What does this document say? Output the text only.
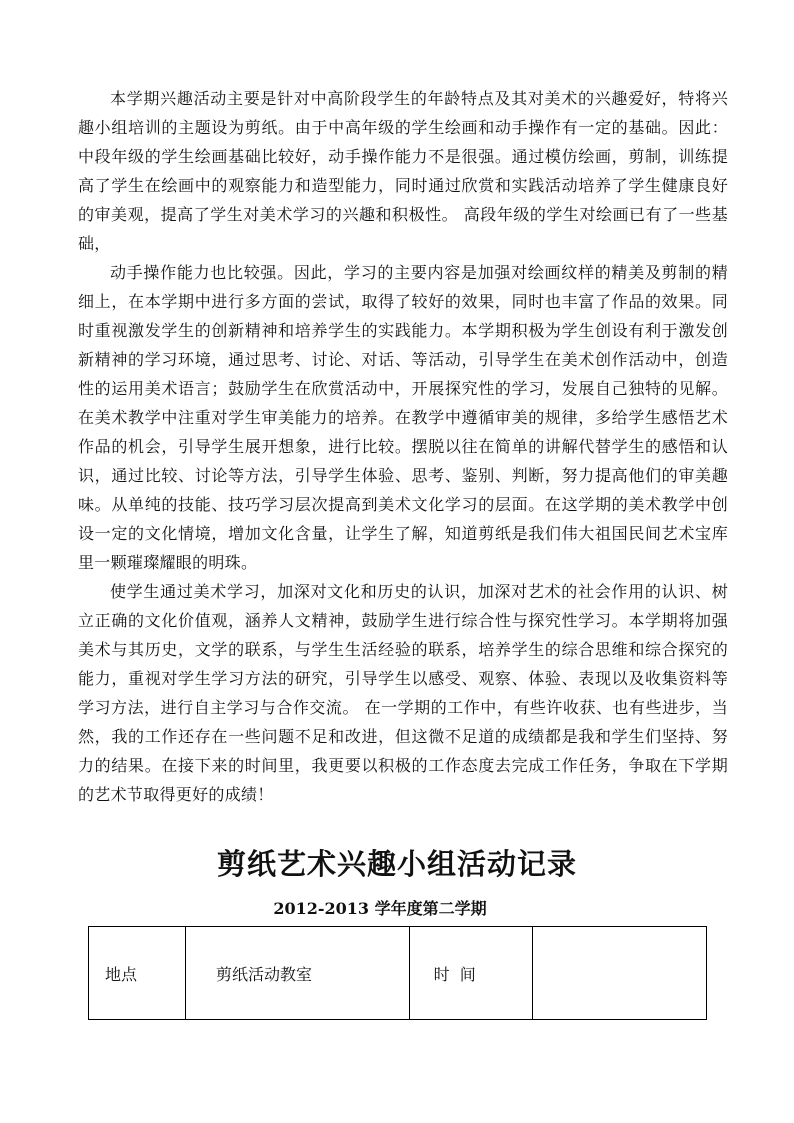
本学期兴趣活动主要是针对中高阶段学生的年龄特点及其对美术的兴趣爱好，特将兴趣小组培训的主题设为剪纸。由于中高年级的学生绘画和动手操作有一定的基础。因此：中段年级的学生绘画基础比较好，动手操作能力不是很强。通过模仿绘画，剪制，训练提高了学生在绘画中的观察能力和造型能力，同时通过欣赏和实践活动培养了学生健康良好的审美观，提高了学生对美术学习的兴趣和积极性。 高段年级的学生对绘画已有了一些基础，

动手操作能力也比较强。因此，学习的主要内容是加强对绘画纹样的精美及剪制的精细上，在本学期中进行多方面的尝试，取得了较好的效果，同时也丰富了作品的效果。同时重视激发学生的创新精神和培养学生的实践能力。本学期积极为学生创设有利于激发创新精神的学习环境，通过思考、讨论、对话、等活动，引导学生在美术创作活动中，创造性的运用美术语言；鼓励学生在欣赏活动中，开展探究性的学习，发展自己独特的见解。在美术教学中注重对学生审美能力的培养。在教学中遵循审美的规律，多给学生感悟艺术作品的机会，引导学生展开想象，进行比较。摆脱以往在简单的讲解代替学生的感悟和认识，通过比较、讨论等方法，引导学生体验、思考、鉴别、判断，努力提高他们的审美趣味。从单纯的技能、技巧学习层次提高到美术文化学习的层面。在这学期的美术教学中创设一定的文化情境，增加文化含量，让学生了解，知道剪纸是我们伟大祖国民间艺术宝库里一颗璀璨耀眼的明珠。

使学生通过美术学习，加深对文化和历史的认识，加深对艺术的社会作用的认识、树立正确的文化价值观，涵养人文精神，鼓励学生进行综合性与探究性学习。本学期将加强美术与其历史，文学的联系，与学生生活经验的联系，培养学生的综合思维和综合探究的能力，重视对学生学习方法的研究，引导学生以感受、观察、体验、表现以及收集资料等学习方法，进行自主学习与合作交流。 在一学期的工作中，有些许收获、也有些进步，当然，我的工作还存在一些问题不足和改进，但这微不足道的成绩都是我和学生们坚持、努力的结果。在接下来的时间里，我更要以积极的工作态度去完成工作任务，争取在下学期的艺术节取得更好的成绩！

剪纸艺术兴趣小组活动记录
2012-2013 学年度第二学期
地点	剪纸活动教室	时  间	
